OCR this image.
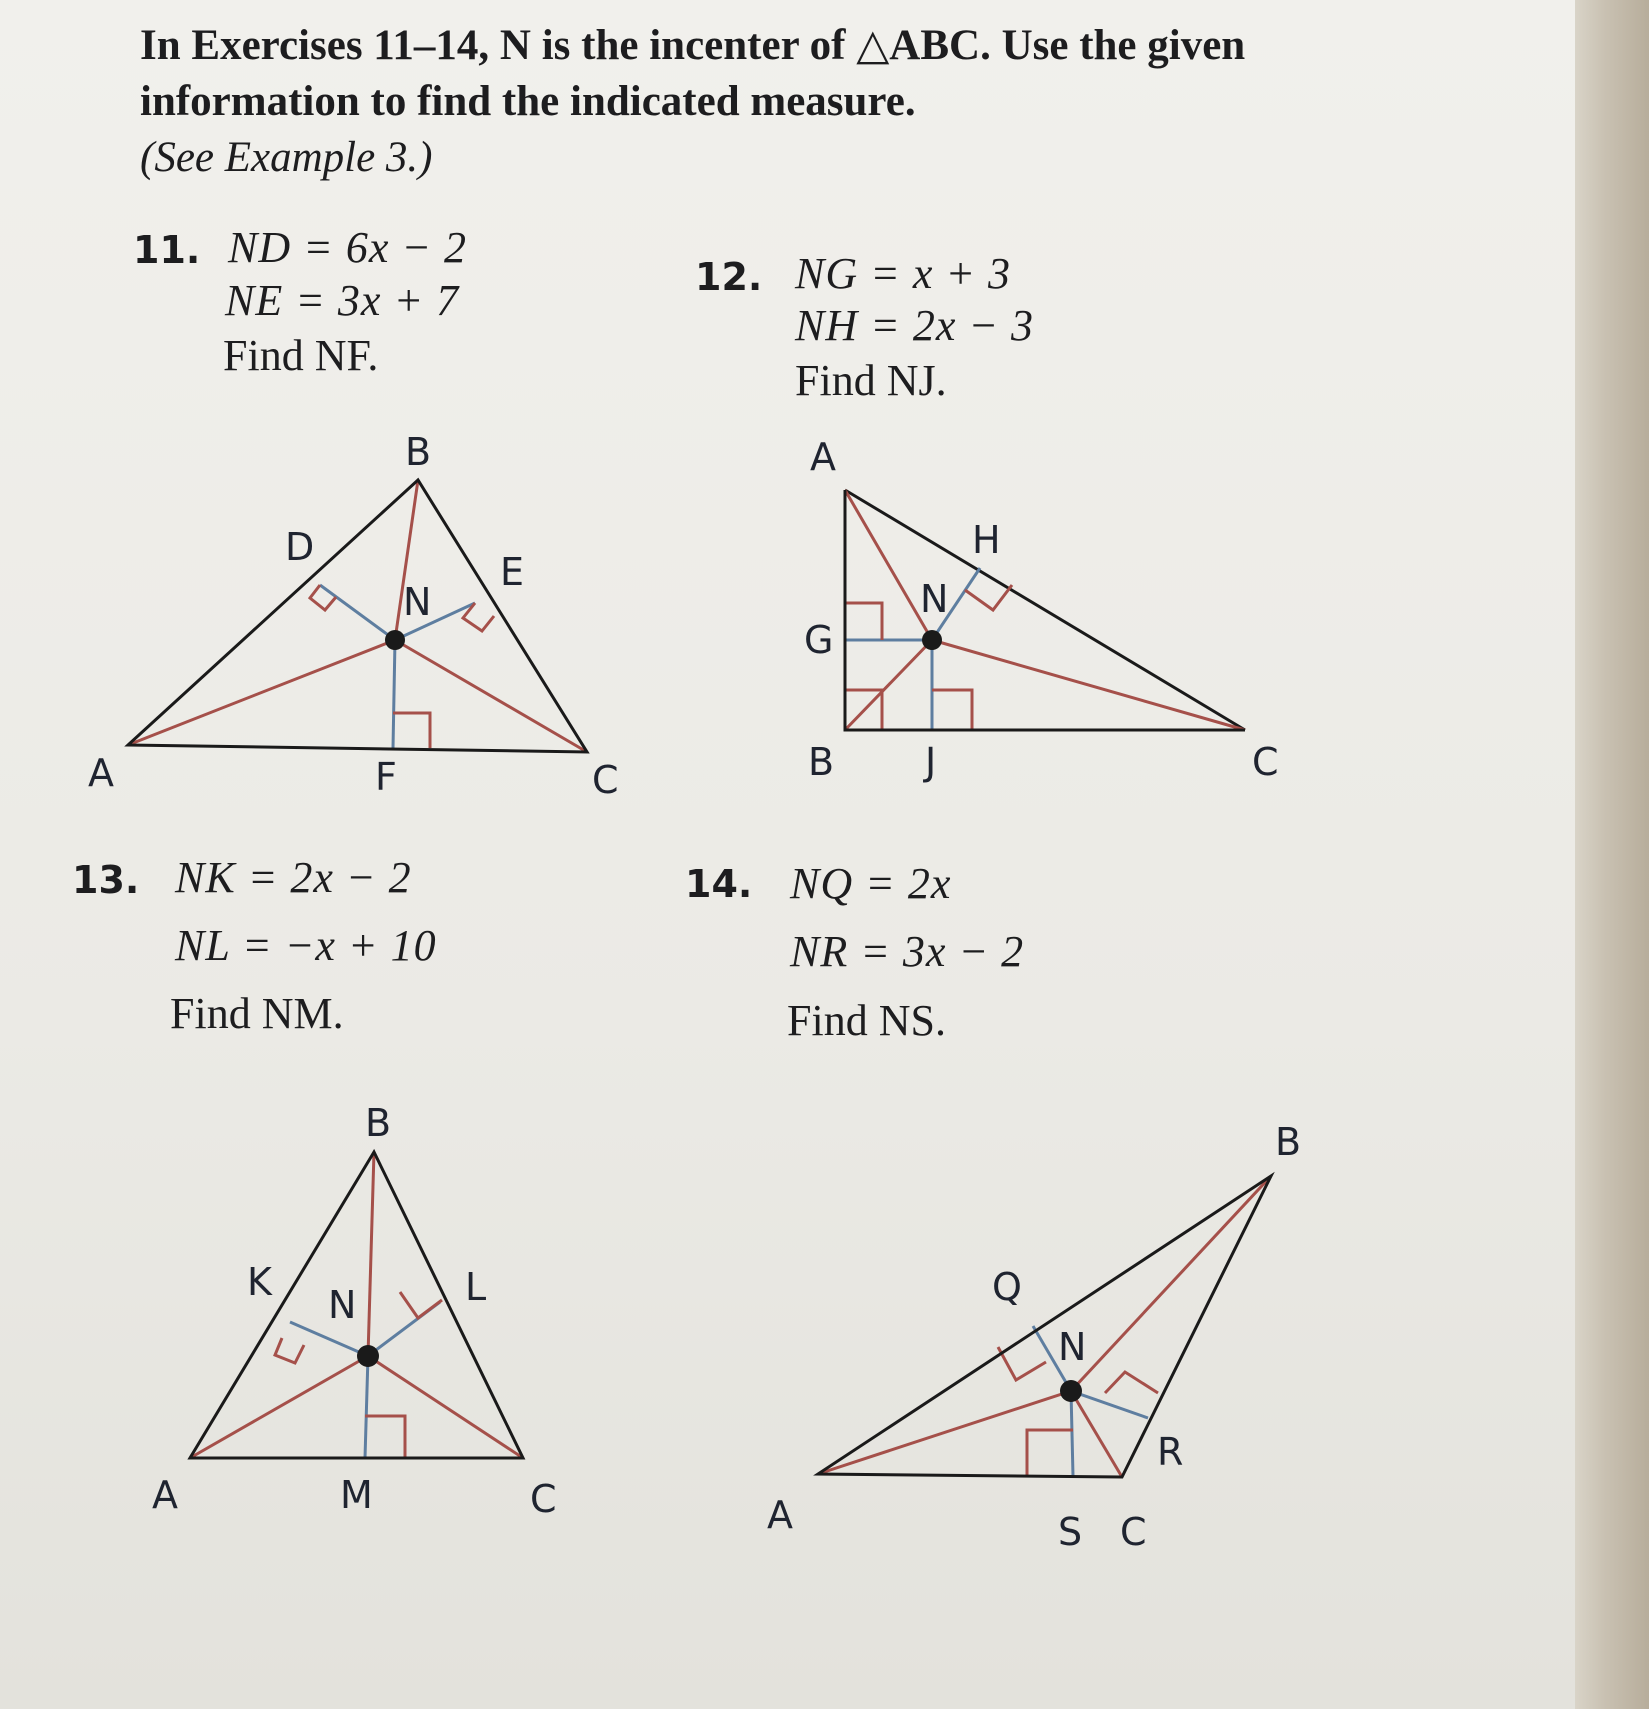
In Exercises 11–14, N is the incenter of △ABC. Use the given information to find the indicated measure.
(See Example 3.)
11. ND = 6x − 2
NE = 3x + 7
Find NF.
12. NG = x + 3
NH = 2x − 3
Find NJ.
13. NK = 2x − 2
NL = −x + 10
Find NM.
14. NQ = 2x
NR = 3x − 2
Find NS.
B
D
E
N
A	F	C
A
H
N
G
B J	C
B
K
N	L
A	M	C
B
Q
N
R
A	S C
